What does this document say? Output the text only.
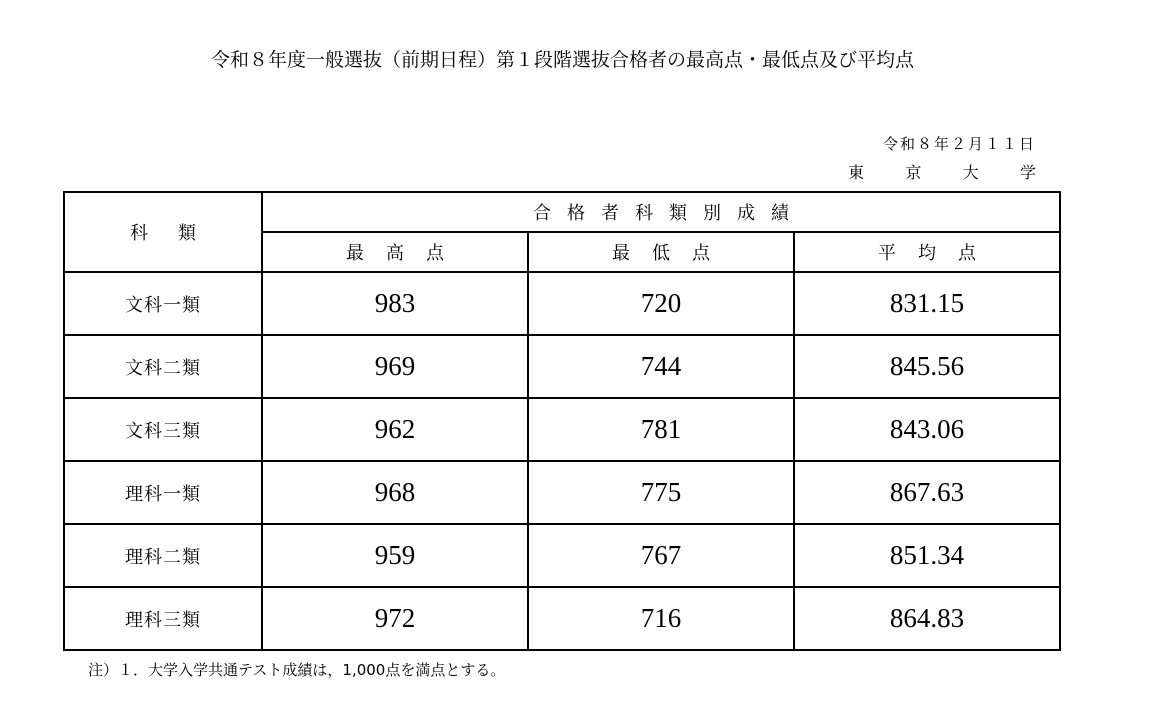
令和８年度一般選抜（前期日程）第１段階選抜合格者の最高点・最低点及び平均点
令和８年２月１１日
東	京	大	学
科類	合格者科類別成績		
	最高点	最低点	平均点
文科一類	983	720	831.15
文科二類	969	744	845.56
文科三類	962	781	843.06
理科一類	968	775	867.63
理科二類	959	767	851.34
理科三類	972	716	864.83
注）１．大学入学共通テスト成績は，1,000点を満点とする。
